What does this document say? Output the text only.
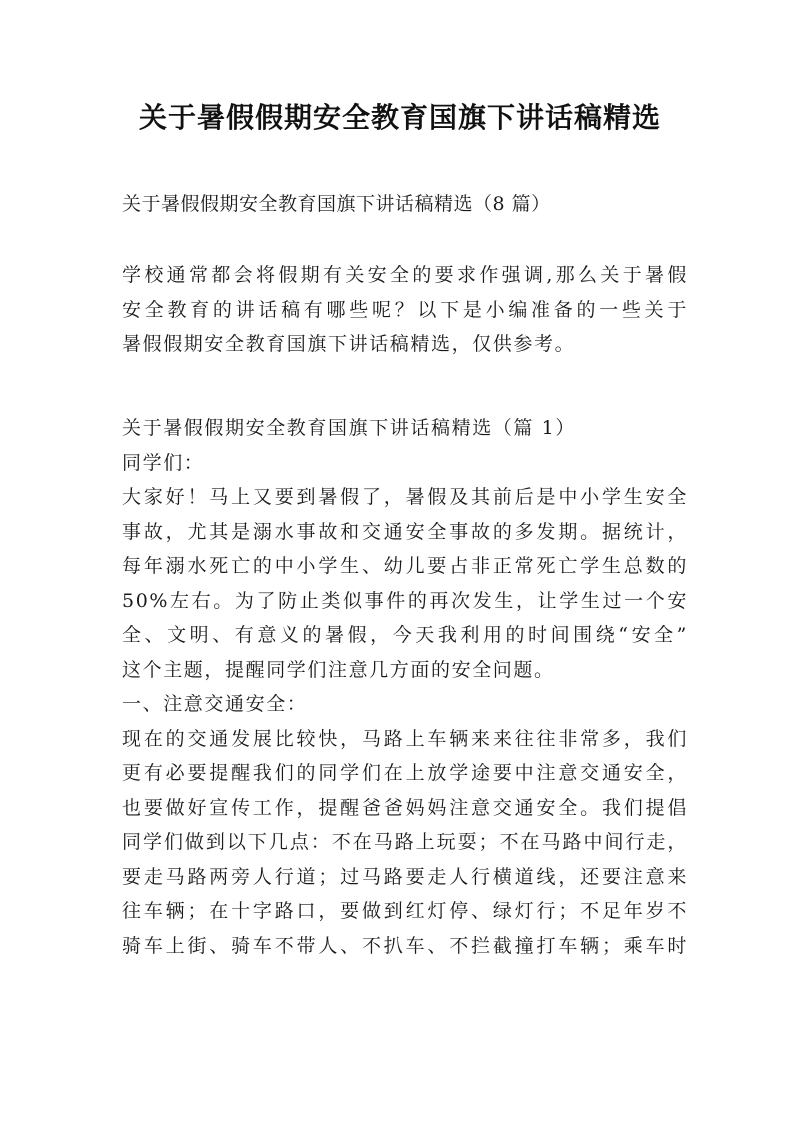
关于暑假假期安全教育国旗下讲话稿精选
关于暑假假期安全教育国旗下讲话稿精选（8 篇）
学校通常都会将假期有关安全的要求作强调,那么关于暑假
安全教育的讲话稿有哪些呢？以下是小编准备的一些关于
暑假假期安全教育国旗下讲话稿精选，仅供参考。
关于暑假假期安全教育国旗下讲话稿精选（篇 1）
同学们：
大家好！马上又要到暑假了，暑假及其前后是中小学生安全
事故，尤其是溺水事故和交通安全事故的多发期。据统计，
每年溺水死亡的中小学生、幼儿要占非正常死亡学生总数的
50%左右。为了防止类似事件的再次发生，让学生过一个安
全、文明、有意义的暑假，今天我利用的时间围绕“安全”
这个主题，提醒同学们注意几方面的安全问题。
一、注意交通安全：
现在的交通发展比较快，马路上车辆来来往往非常多，我们
更有必要提醒我们的同学们在上放学途要中注意交通安全，
也要做好宣传工作，提醒爸爸妈妈注意交通安全。我们提倡
同学们做到以下几点：不在马路上玩耍；不在马路中间行走，
要走马路两旁人行道；过马路要走人行横道线，还要注意来
往车辆；在十字路口，要做到红灯停、绿灯行；不足年岁不
骑车上街、骑车不带人、不扒车、不拦截撞打车辆；乘车时
